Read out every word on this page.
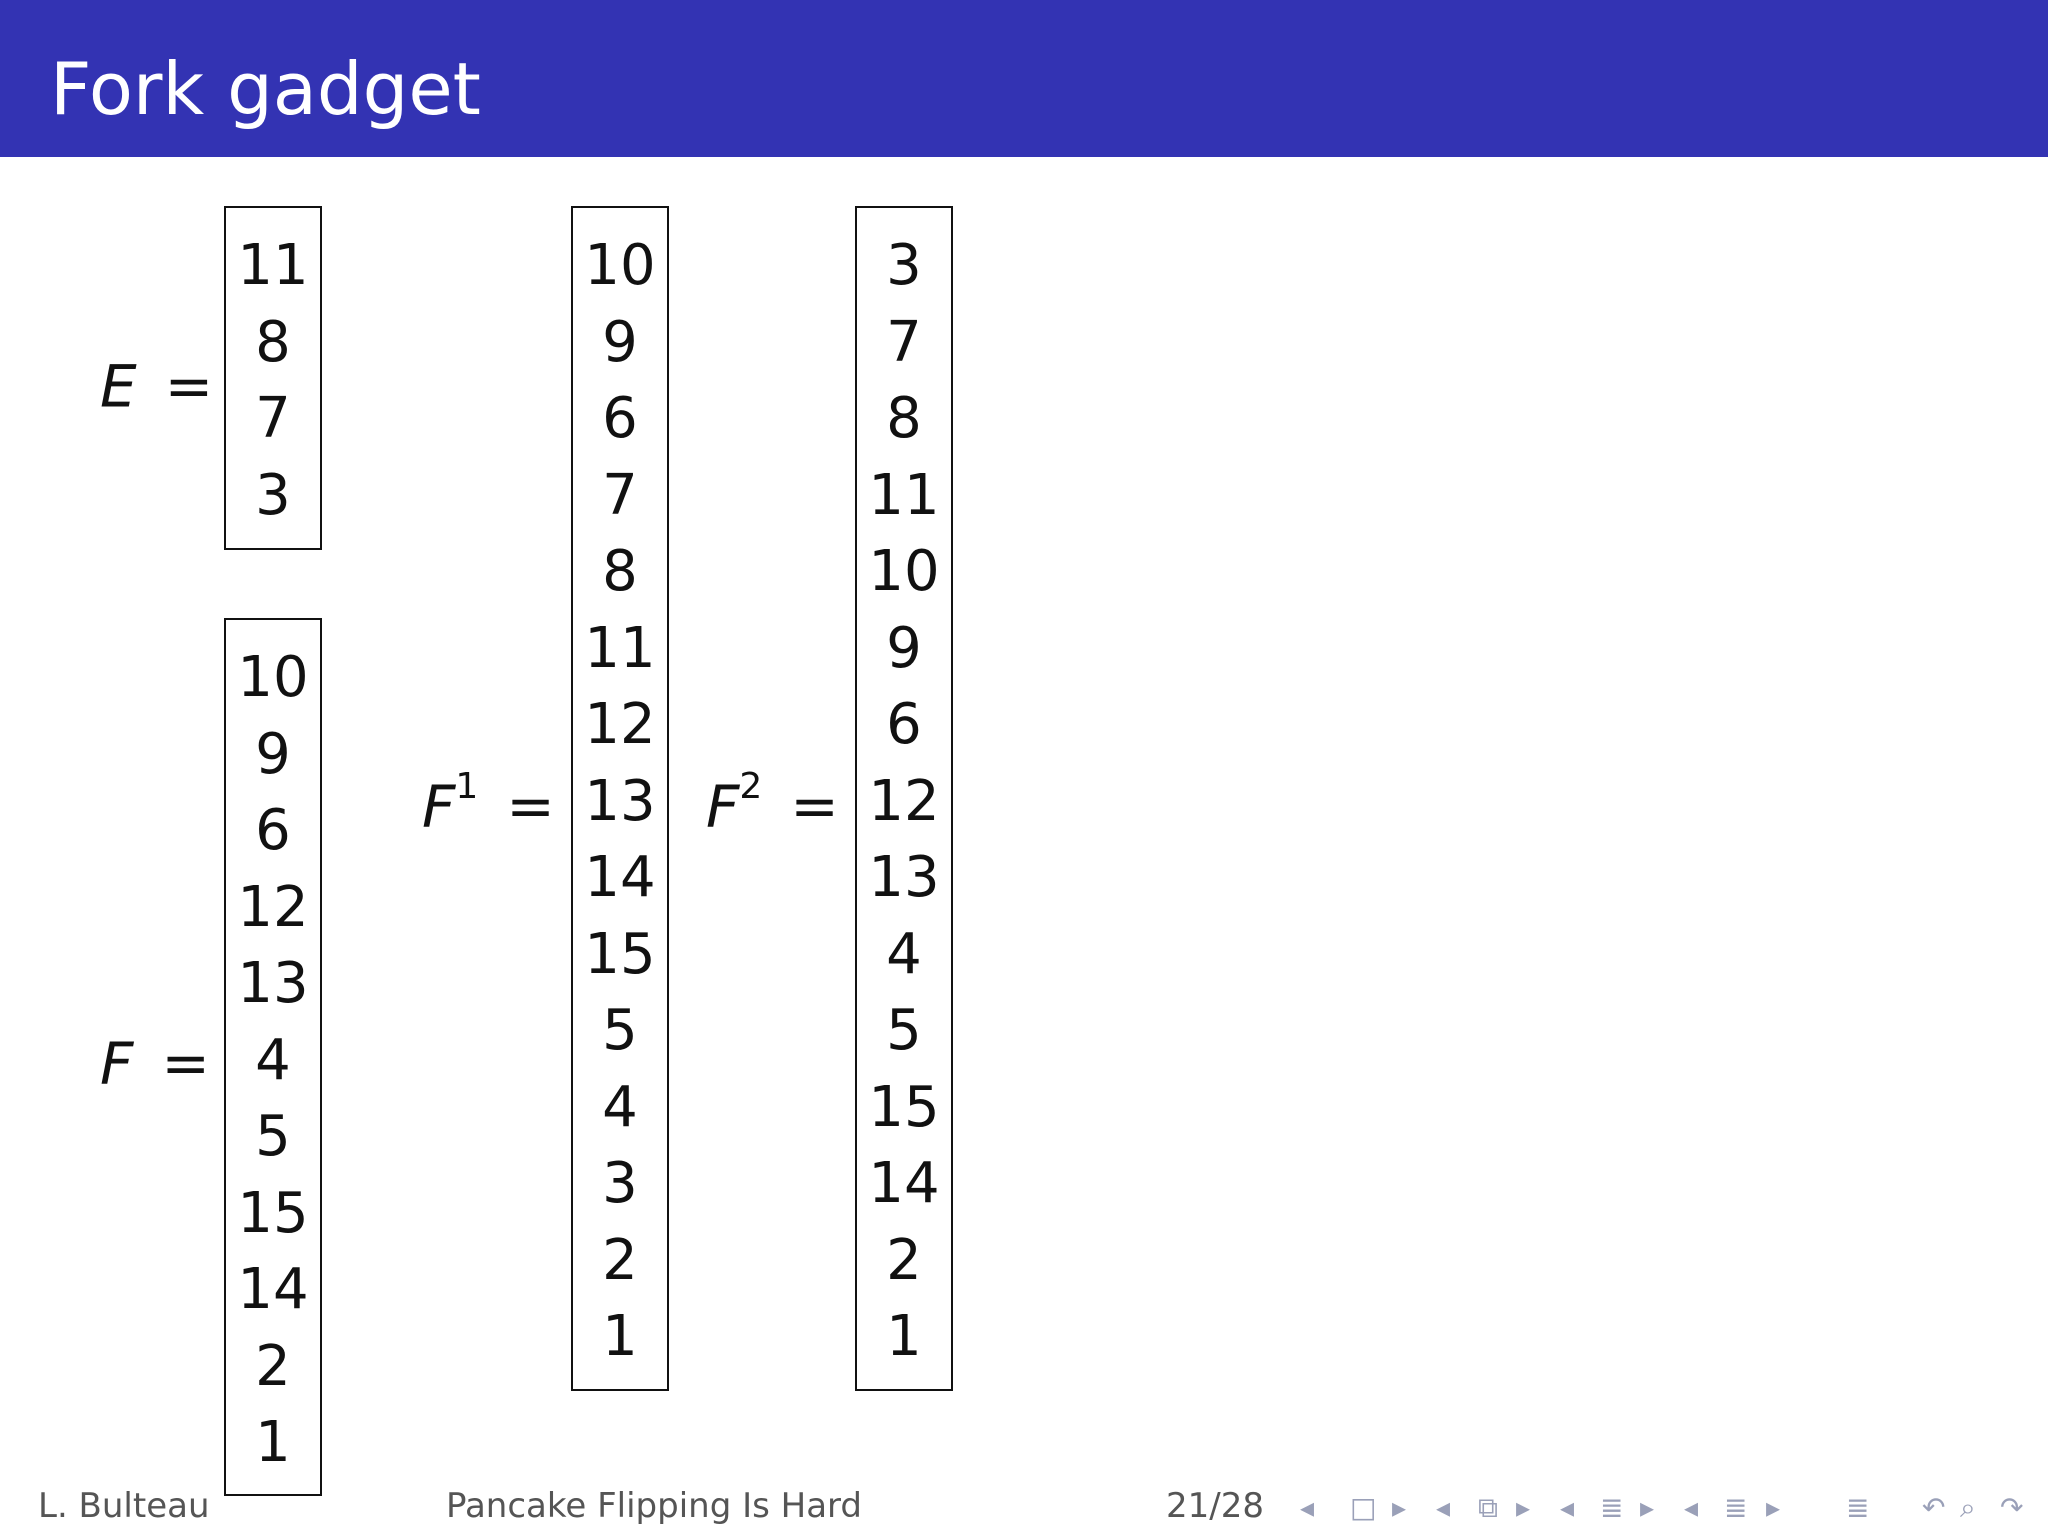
Fork gadget
E =
11
8
7
3
F =
10
9
6
12
13
4
5
15
14
2
1
$F^1$ =
10
9
6
7
8
11
12
13
14
15
5
4
3
2
1
$F^2$ =
3
7
8
11
10
9
6
12
13
4
5
15
14
2
1
L. Bulteau	Pancake Flipping Is Hard	21/28 ◂ □ ▸ ◂ ⧉ ▸ ◂ ≣ ▸ ◂ ≣ ▸ ≣ ↶ ⌕ ↷
